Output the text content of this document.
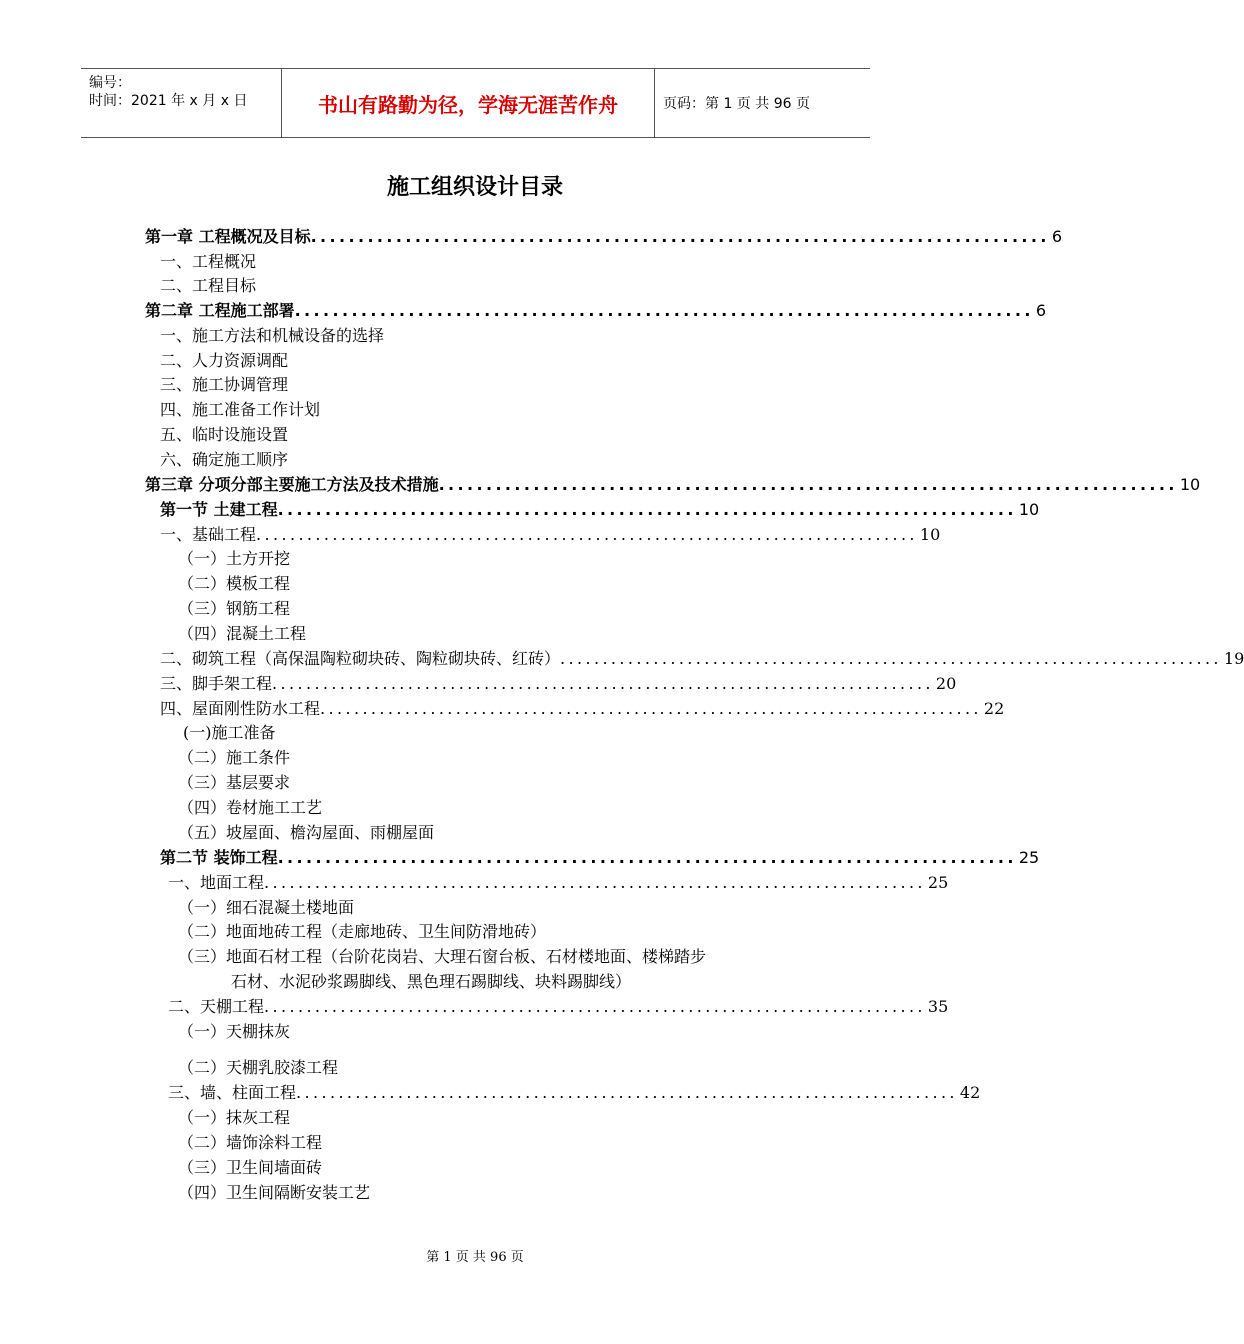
编号：
时间：2021 年 x 月 x 日	书山有路勤为径，学海无涯苦作舟	页码：第 1 页 共 96 页
施工组织设计目录
第一章 工程概况及目标 .............................................................................. 6
一、工程概况
二、工程目标
第二章 工程施工部署 .............................................................................. 6
一、施工方法和机械设备的选择
二、人力资源调配
三、施工协调管理
四、施工准备工作计划
五、临时设施设置
六、确定施工顺序
第三章 分项分部主要施工方法及技术措施 .............................................................................. 10
第一节 土建工程 .............................................................................. 10
一、基础工程 .............................................................................. 10
（一）土方开挖
（二）模板工程
（三）钢筋工程
（四）混凝土工程
二、砌筑工程（高保温陶粒砌块砖、陶粒砌块砖、红砖） .............................................................................. 19
三、脚手架工程 .............................................................................. 20
四、屋面刚性防水工程 .............................................................................. 22
(一)施工准备
（二）施工条件
（三）基层要求
（四）卷材施工工艺
（五）坡屋面、檐沟屋面、雨棚屋面
第二节 装饰工程 .............................................................................. 25
一、地面工程 .............................................................................. 25
（一）细石混凝土楼地面
（二）地面地砖工程（走廊地砖、卫生间防滑地砖）
（三）地面石材工程（台阶花岗岩、大理石窗台板、石材楼地面、楼梯踏步
石材、水泥砂浆踢脚线、黑色理石踢脚线、块料踢脚线）
二、天棚工程 .............................................................................. 35
（一）天棚抹灰
（二）天棚乳胶漆工程
三、墙、柱面工程 .............................................................................. 42
（一）抹灰工程
（二）墙饰涂料工程
（三）卫生间墙面砖
（四）卫生间隔断安装工艺
第 1 页 共 96 页
